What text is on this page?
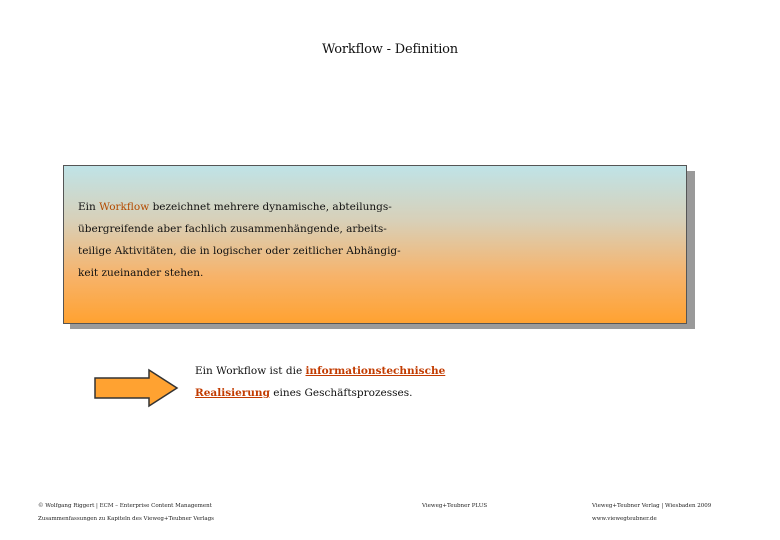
Workflow - Definition
Ein Workflow bezeichnet mehrere dynamische, abteilungs- übergreifende aber fachlich zusammenhängende, arbeits- teilige Aktivitäten, die in logischer oder zeitlicher Abhängig- keit zueinander stehen.
Ein Workflow ist die informationstechnische Realisierung eines Geschäftsprozesses.
© Wolfgang Riggert | ECM – Enterprise Content Management
Zusammenfassungen zu Kapiteln des Vieweg+Teubner Verlags
Vieweg+Teubner PLUS	Vieweg+Teubner Verlag | Wiesbaden 2009
www.viewegteubner.de
